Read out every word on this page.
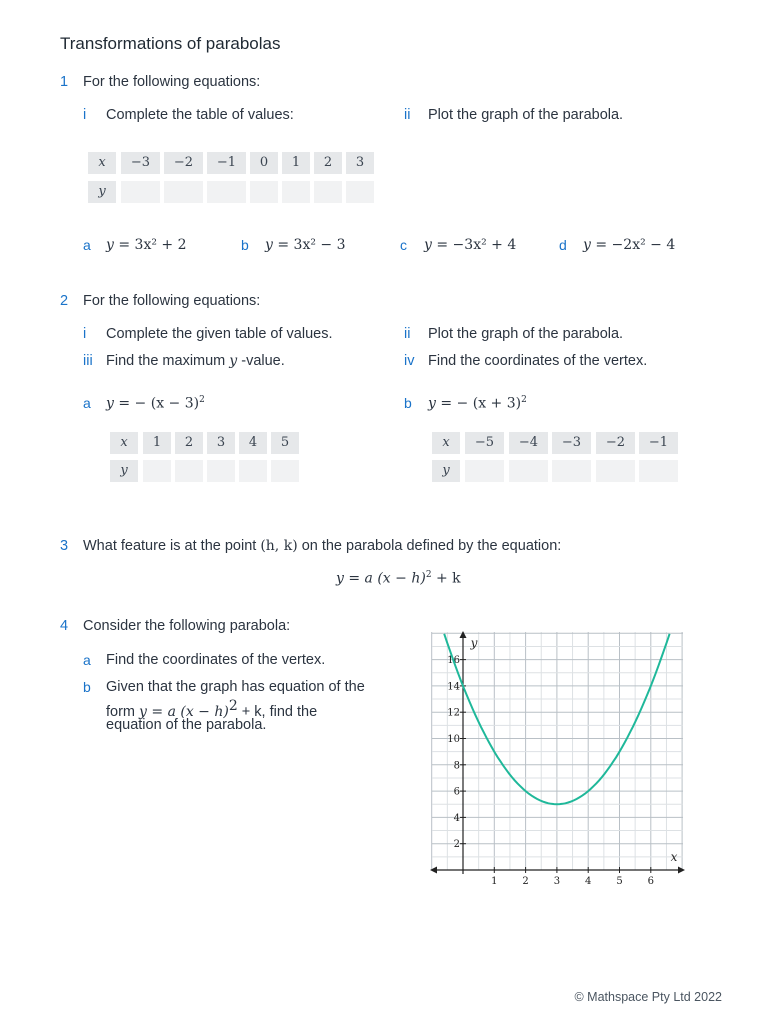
Transformations of parabolas
1 For the following equations:
i Complete the table of values:	ii Plot the graph of the parabola.
x	−3	−2	−1	0	1	2	3
y
a y = 3x² + 2	b y = 3x² − 3	c y = −3x² + 4	d y = −2x² − 4
2 For the following equations:
i Complete the given table of values.	ii Plot the graph of the parabola.
iii Find the maximum y -value.	iv Find the coordinates of the vertex.
a y = − $(x - 3)^2$	b y = − $(x + 3)^2$
x	1	2	3	4	5
y
x	−5	−4	−3	−2	−1
y
3 What feature is at the point (h, k) on the parabola defined by the equation:
y = a $(x - h)^2 + k$
4 Consider the following parabola:
a Find the coordinates of the vertex.
b Given that the graph has equation of the
form y = a $(x - h)^2 + k$, find the
equation of the parabola.
1 2 3 4 5 6
2
4
6
8
10
12
14
16
x
y
© Mathspace Pty Ltd 2022
